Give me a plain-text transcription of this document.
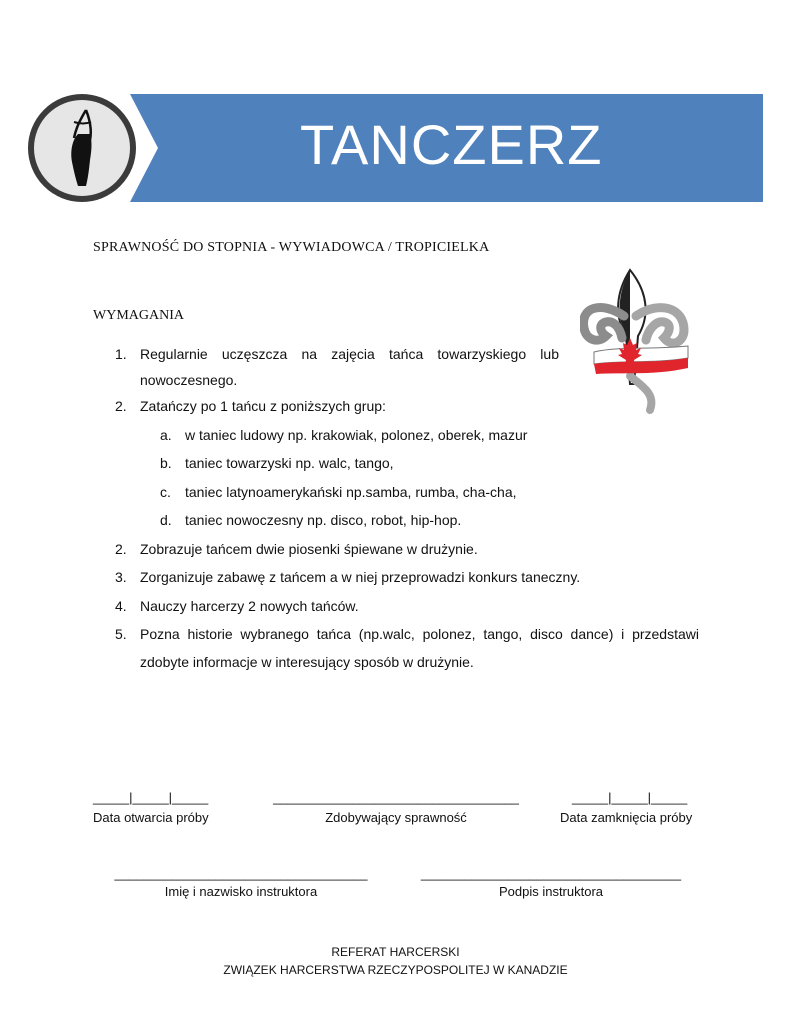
TANCZERZ
SPRAWNOŚĆ DO STOPNIA - WYWIADOWCA / TROPICIELKA
WYMAGANIA
1. Regularnie uczęszcza na zajęcia tańca towarzyskiego lub
nowoczesnego.
2. Zatańczy po 1 tańcu z poniższych grup:
a. w taniec ludowy np. krakowiak, polonez, oberek, mazur
b. taniec towarzyski np. walc, tango,
c. taniec latynoamerykański np.samba, rumba, cha-cha,
d. taniec nowoczesny np. disco, robot, hip-hop.
2. Zobrazuje tańcem dwie piosenki śpiewane w drużynie.
3. Zorganizuje zabawę z tańcem a w niej przeprowadzi konkurs taneczny.
4. Nauczy harcerzy 2 nowych tańców.
5. Pozna historie wybranego tańca (np.walc, polonez, tango, disco dance) i przedstawi
zdobyte informacje w interesujący sposób w drużynie.
_____|_____|_____
Data otwarcia próby
__________________________________
Zdobywający sprawność
_____|_____|_____
Data zamknięcia próby
___________________________________
Imię i nazwisko instruktora
____________________________________
Podpis instruktora
REFERAT HARCERSKI
ZWIĄZEK HARCERSTWA RZECZYPOSPOLITEJ W KANADZIE
